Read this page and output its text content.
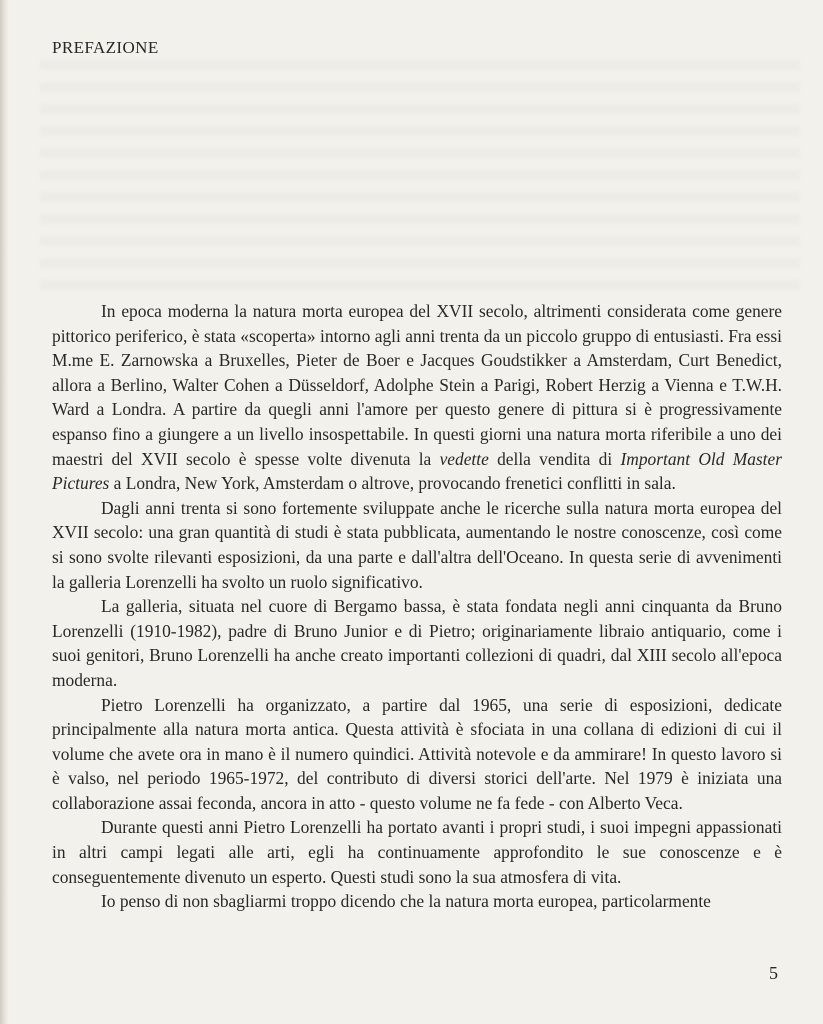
PREFAZIONE

In epoca moderna la natura morta europea del XVII secolo, altrimenti considerata come genere pittorico periferico, è stata «scoperta» intorno agli anni trenta da un piccolo gruppo di entusiasti. Fra essi M.me E. Zarnowska a Bruxelles, Pieter de Boer e Jacques Goudstikker a Amsterdam, Curt Benedict, allora a Berlino, Walter Cohen a Düsseldorf, Adolphe Stein a Parigi, Robert Herzig a Vienna e T.W.H. Ward a Londra. A partire da quegli anni l'amore per questo genere di pittura si è progressivamente espanso fino a giungere a un livello insospettabile. In questi giorni una natura morta riferibile a uno dei maestri del XVII secolo è spesse volte divenuta la vedette della vendita di Important Old Master Pictures a Londra, New York, Amsterdam o altrove, provocando frenetici conflitti in sala.

Dagli anni trenta si sono fortemente sviluppate anche le ricerche sulla natura morta europea del XVII secolo: una gran quantità di studi è stata pubblicata, aumentando le nostre conoscenze, così come si sono svolte rilevanti esposizioni, da una parte e dall'altra dell'Oceano. In questa serie di avvenimenti la galleria Lorenzelli ha svolto un ruolo significativo.

La galleria, situata nel cuore di Bergamo bassa, è stata fondata negli anni cinquanta da Bruno Lorenzelli (1910-1982), padre di Bruno Junior e di Pietro; originariamente libraio antiquario, come i suoi genitori, Bruno Lorenzelli ha anche creato importanti collezioni di quadri, dal XIII secolo all'epoca moderna.

Pietro Lorenzelli ha organizzato, a partire dal 1965, una serie di esposizioni, dedicate principalmente alla natura morta antica. Questa attività è sfociata in una collana di edizioni di cui il volume che avete ora in mano è il numero quindici. Attività notevole e da ammirare! In questo lavoro si è valso, nel periodo 1965-1972, del contributo di diversi storici dell'arte. Nel 1979 è iniziata una collaborazione assai feconda, ancora in atto - questo volume ne fa fede - con Alberto Veca.

Durante questi anni Pietro Lorenzelli ha portato avanti i propri studi, i suoi impegni appassionati in altri campi legati alle arti, egli ha continuamente approfondito le sue conoscenze e è conseguentemente divenuto un esperto. Questi studi sono la sua atmosfera di vita.

Io penso di non sbagliarmi troppo dicendo che la natura morta europea, particolarmente

5
